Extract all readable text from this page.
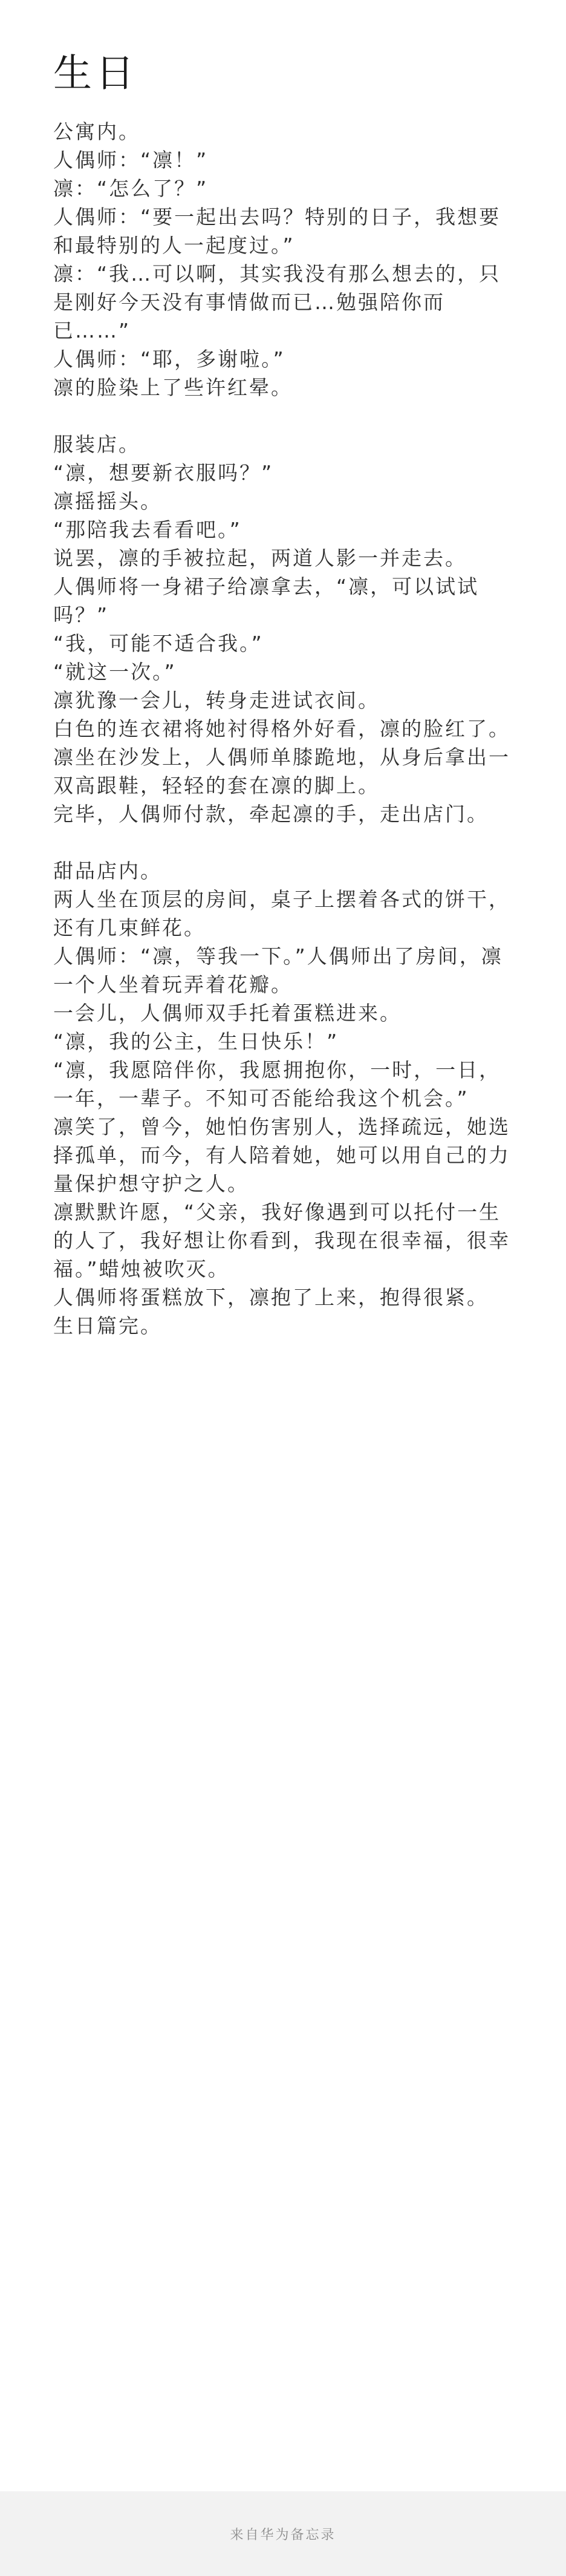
生日

公寓内。

人偶师：“凛！”

凛：“怎么了？”

人偶师：“要一起出去吗？特别的日子，我想要和最特别的人一起度过。”

凛：“我…可以啊，其实我没有那么想去的，只是刚好今天没有事情做而已…勉强陪你而已……”

人偶师：“耶，多谢啦。”

凛的脸染上了些许红晕。

服装店。

“凛，想要新衣服吗？”

凛摇摇头。

“那陪我去看看吧。”

说罢，凛的手被拉起，两道人影一并走去。

人偶师将一身裙子给凛拿去，“凛，可以试试吗？”

“我，可能不适合我。”

“就这一次。”

凛犹豫一会儿，转身走进试衣间。

白色的连衣裙将她衬得格外好看，凛的脸红了。

凛坐在沙发上，人偶师单膝跪地，从身后拿出一双高跟鞋，轻轻的套在凛的脚上。

完毕，人偶师付款，牵起凛的手，走出店门。

甜品店内。

两人坐在顶层的房间，桌子上摆着各式的饼干，还有几束鲜花。

人偶师：“凛，等我一下。”人偶师出了房间，凛一个人坐着玩弄着花瓣。

一会儿，人偶师双手托着蛋糕进来。

“凛，我的公主，生日快乐！”

“凛，我愿陪伴你，我愿拥抱你，一时，一日，一年，一辈子。不知可否能给我这个机会。”

凛笑了，曾今，她怕伤害别人，选择疏远，她选择孤单，而今，有人陪着她，她可以用自己的力量保护想守护之人。

凛默默许愿，“父亲，我好像遇到可以托付一生的人了，我好想让你看到，我现在很幸福，很幸福。”蜡烛被吹灭。

人偶师将蛋糕放下，凛抱了上来，抱得很紧。

生日篇完。

来自华为备忘录
